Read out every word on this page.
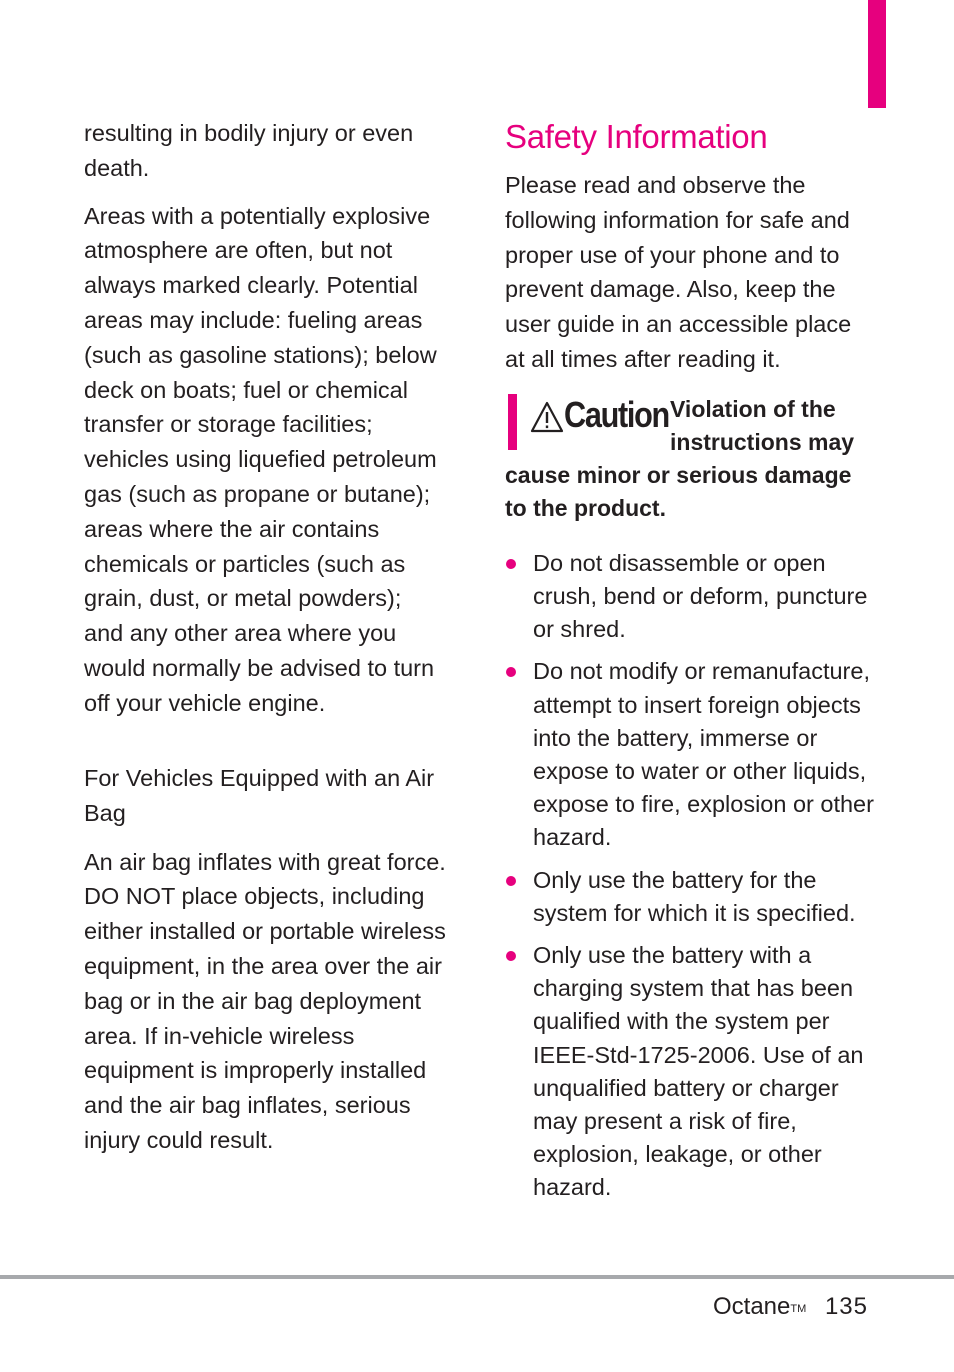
resulting in bodily injury or even death.

Areas with a potentially explosive atmosphere are often, but not always marked clearly. Potential areas may include: fueling areas (such as gasoline stations); below deck on boats; fuel or chemical transfer or storage facilities; vehicles using liquefied petroleum gas (such as propane or butane); areas where the air contains chemicals or particles (such as grain, dust, or metal powders); and any other area where you would normally be advised to turn off your vehicle engine.

For Vehicles Equipped with an Air Bag

An air bag inflates with great force. DO NOT place objects, including either installed or portable wireless equipment, in the area over the air bag or in the air bag deployment area. If in-vehicle wireless equipment is improperly installed and the air bag inflates, serious injury could result.

Safety Information

Please read and observe the following information for safe and proper use of your phone and to prevent damage. Also, keep the user guide in an accessible place at all times after reading it.

Caution Violation of the instructions may cause minor or serious damage to the product.
Do not disassemble or open crush, bend or deform, puncture or shred.
Do not modify or remanufacture, attempt to insert foreign objects into the battery, immerse or expose to water or other liquids, expose to fire, explosion or other hazard.
Only use the battery for the system for which it is specified.
Only use the battery with a charging system that has been qualified with the system per IEEE-Std-1725-2006. Use of an unqualified battery or charger may present a risk of fire, explosion, leakage, or other hazard.
Octane™ 135
